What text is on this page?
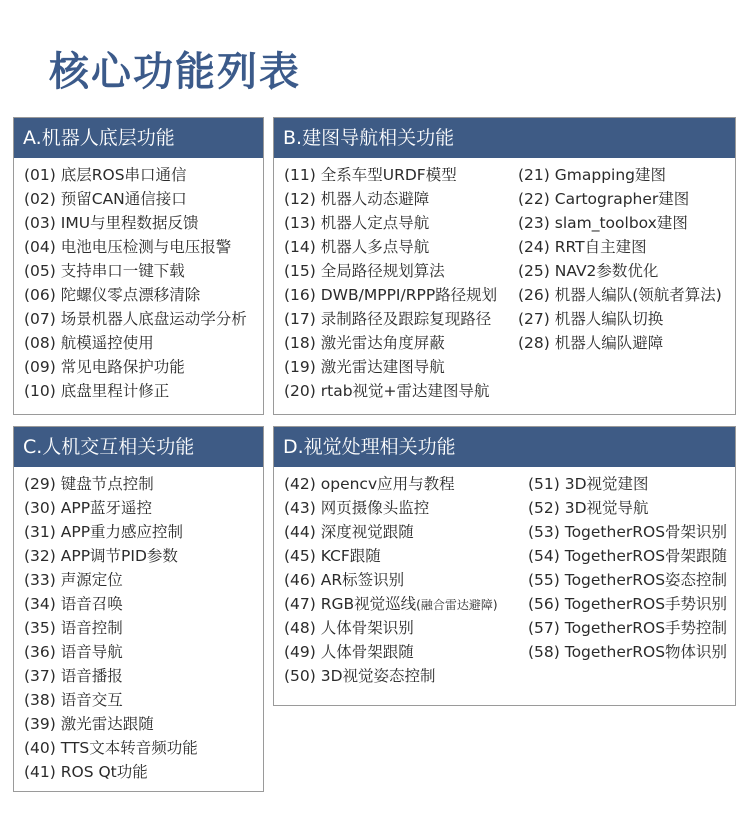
核心功能列表
A.机器人底层功能
(01) 底层ROS串口通信
(02) 预留CAN通信接口
(03) IMU与里程数据反馈
(04) 电池电压检测与电压报警
(05) 支持串口一键下载
(06) 陀螺仪零点漂移清除
(07) 场景机器人底盘运动学分析
(08) 航模遥控使用
(09) 常见电路保护功能
(10) 底盘里程计修正
B.建图导航相关功能
(11) 全系车型URDF模型
(12) 机器人动态避障
(13) 机器人定点导航
(14) 机器人多点导航
(15) 全局路径规划算法
(16) DWB/MPPI/RPP路径规划
(17) 录制路径及跟踪复现路径
(18) 激光雷达角度屏蔽
(19) 激光雷达建图导航
(20) rtab视觉+雷达建图导航
(21) Gmapping建图
(22) Cartographer建图
(23) slam_toolbox建图
(24) RRT自主建图
(25) NAV2参数优化
(26) 机器人编队(领航者算法)
(27) 机器人编队切换
(28) 机器人编队避障
C.人机交互相关功能
(29) 键盘节点控制
(30) APP蓝牙遥控
(31) APP重力感应控制
(32) APP调节PID参数
(33) 声源定位
(34) 语音召唤
(35) 语音控制
(36) 语音导航
(37) 语音播报
(38) 语音交互
(39) 激光雷达跟随
(40) TTS文本转音频功能
(41) ROS Qt功能
D.视觉处理相关功能
(42) opencv应用与教程
(43) 网页摄像头监控
(44) 深度视觉跟随
(45) KCF跟随
(46) AR标签识别
(47) RGB视觉巡线(融合雷达避障)
(48) 人体骨架识别
(49) 人体骨架跟随
(50) 3D视觉姿态控制
(51) 3D视觉建图
(52) 3D视觉导航
(53) TogetherROS骨架识别
(54) TogetherROS骨架跟随
(55) TogetherROS姿态控制
(56) TogetherROS手势识别
(57) TogetherROS手势控制
(58) TogetherROS物体识别
